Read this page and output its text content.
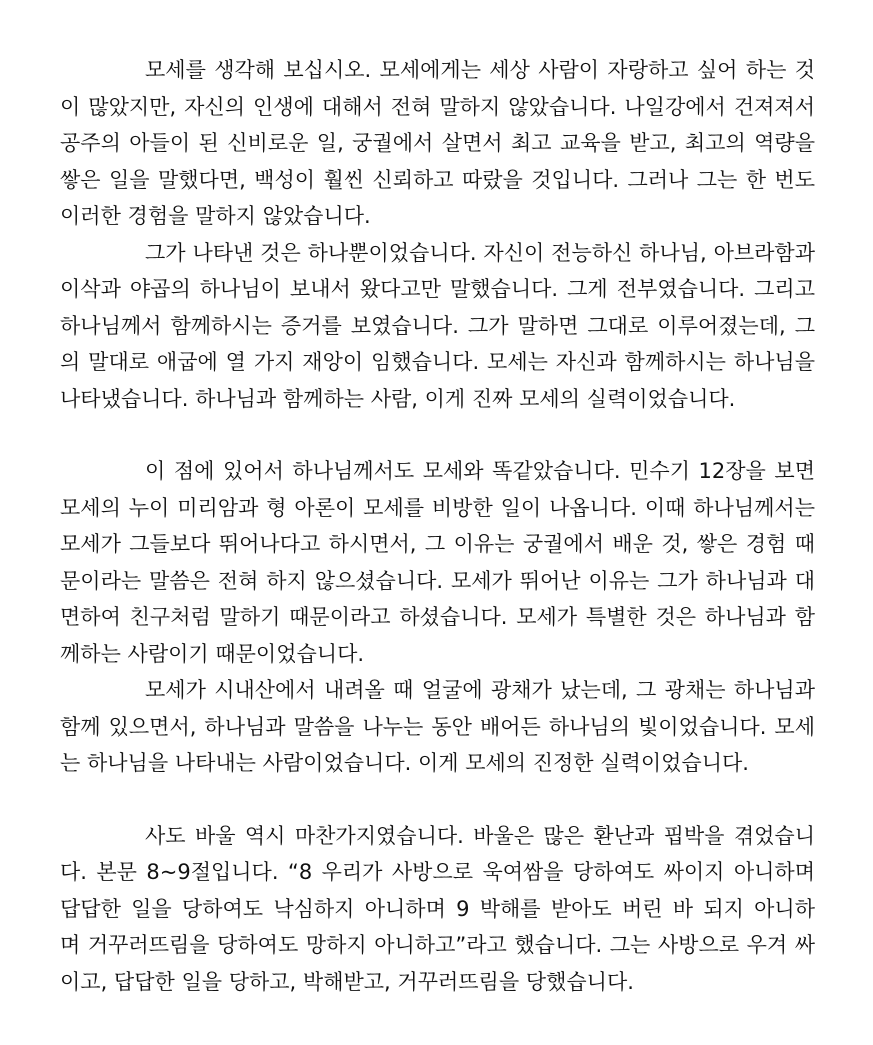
모세를 생각해 보십시오. 모세에게는 세상 사람이 자랑하고 싶어 하는 것
이 많았지만, 자신의 인생에 대해서 전혀 말하지 않았습니다. 나일강에서 건져져서
공주의 아들이 된 신비로운 일, 궁궐에서 살면서 최고 교육을 받고, 최고의 역량을
쌓은 일을 말했다면, 백성이 훨씬 신뢰하고 따랐을 것입니다. 그러나 그는 한 번도
이러한 경험을 말하지 않았습니다.
그가 나타낸 것은 하나뿐이었습니다. 자신이 전능하신 하나님, 아브라함과
이삭과 야곱의 하나님이 보내서 왔다고만 말했습니다. 그게 전부였습니다. 그리고
하나님께서 함께하시는 증거를 보였습니다. 그가 말하면 그대로 이루어졌는데, 그
의 말대로 애굽에 열 가지 재앙이 임했습니다. 모세는 자신과 함께하시는 하나님을
나타냈습니다. 하나님과 함께하는 사람, 이게 진짜 모세의 실력이었습니다.
이 점에 있어서 하나님께서도 모세와 똑같았습니다. 민수기 12장을 보면
모세의 누이 미리암과 형 아론이 모세를 비방한 일이 나옵니다. 이때 하나님께서는
모세가 그들보다 뛰어나다고 하시면서, 그 이유는 궁궐에서 배운 것, 쌓은 경험 때
문이라는 말씀은 전혀 하지 않으셨습니다. 모세가 뛰어난 이유는 그가 하나님과 대
면하여 친구처럼 말하기 때문이라고 하셨습니다. 모세가 특별한 것은 하나님과 함
께하는 사람이기 때문이었습니다.
모세가 시내산에서 내려올 때 얼굴에 광채가 났는데, 그 광채는 하나님과
함께 있으면서, 하나님과 말씀을 나누는 동안 배어든 하나님의 빛이었습니다. 모세
는 하나님을 나타내는 사람이었습니다. 이게 모세의 진정한 실력이었습니다.
사도 바울 역시 마찬가지였습니다. 바울은 많은 환난과 핍박을 겪었습니
다. 본문 8~9절입니다. “8 우리가 사방으로 욱여쌈을 당하여도 싸이지 아니하며
답답한 일을 당하여도 낙심하지 아니하며 9 박해를 받아도 버린 바 되지 아니하
며 거꾸러뜨림을 당하여도 망하지 아니하고”라고 했습니다. 그는 사방으로 우겨 싸
이고, 답답한 일을 당하고, 박해받고, 거꾸러뜨림을 당했습니다.
